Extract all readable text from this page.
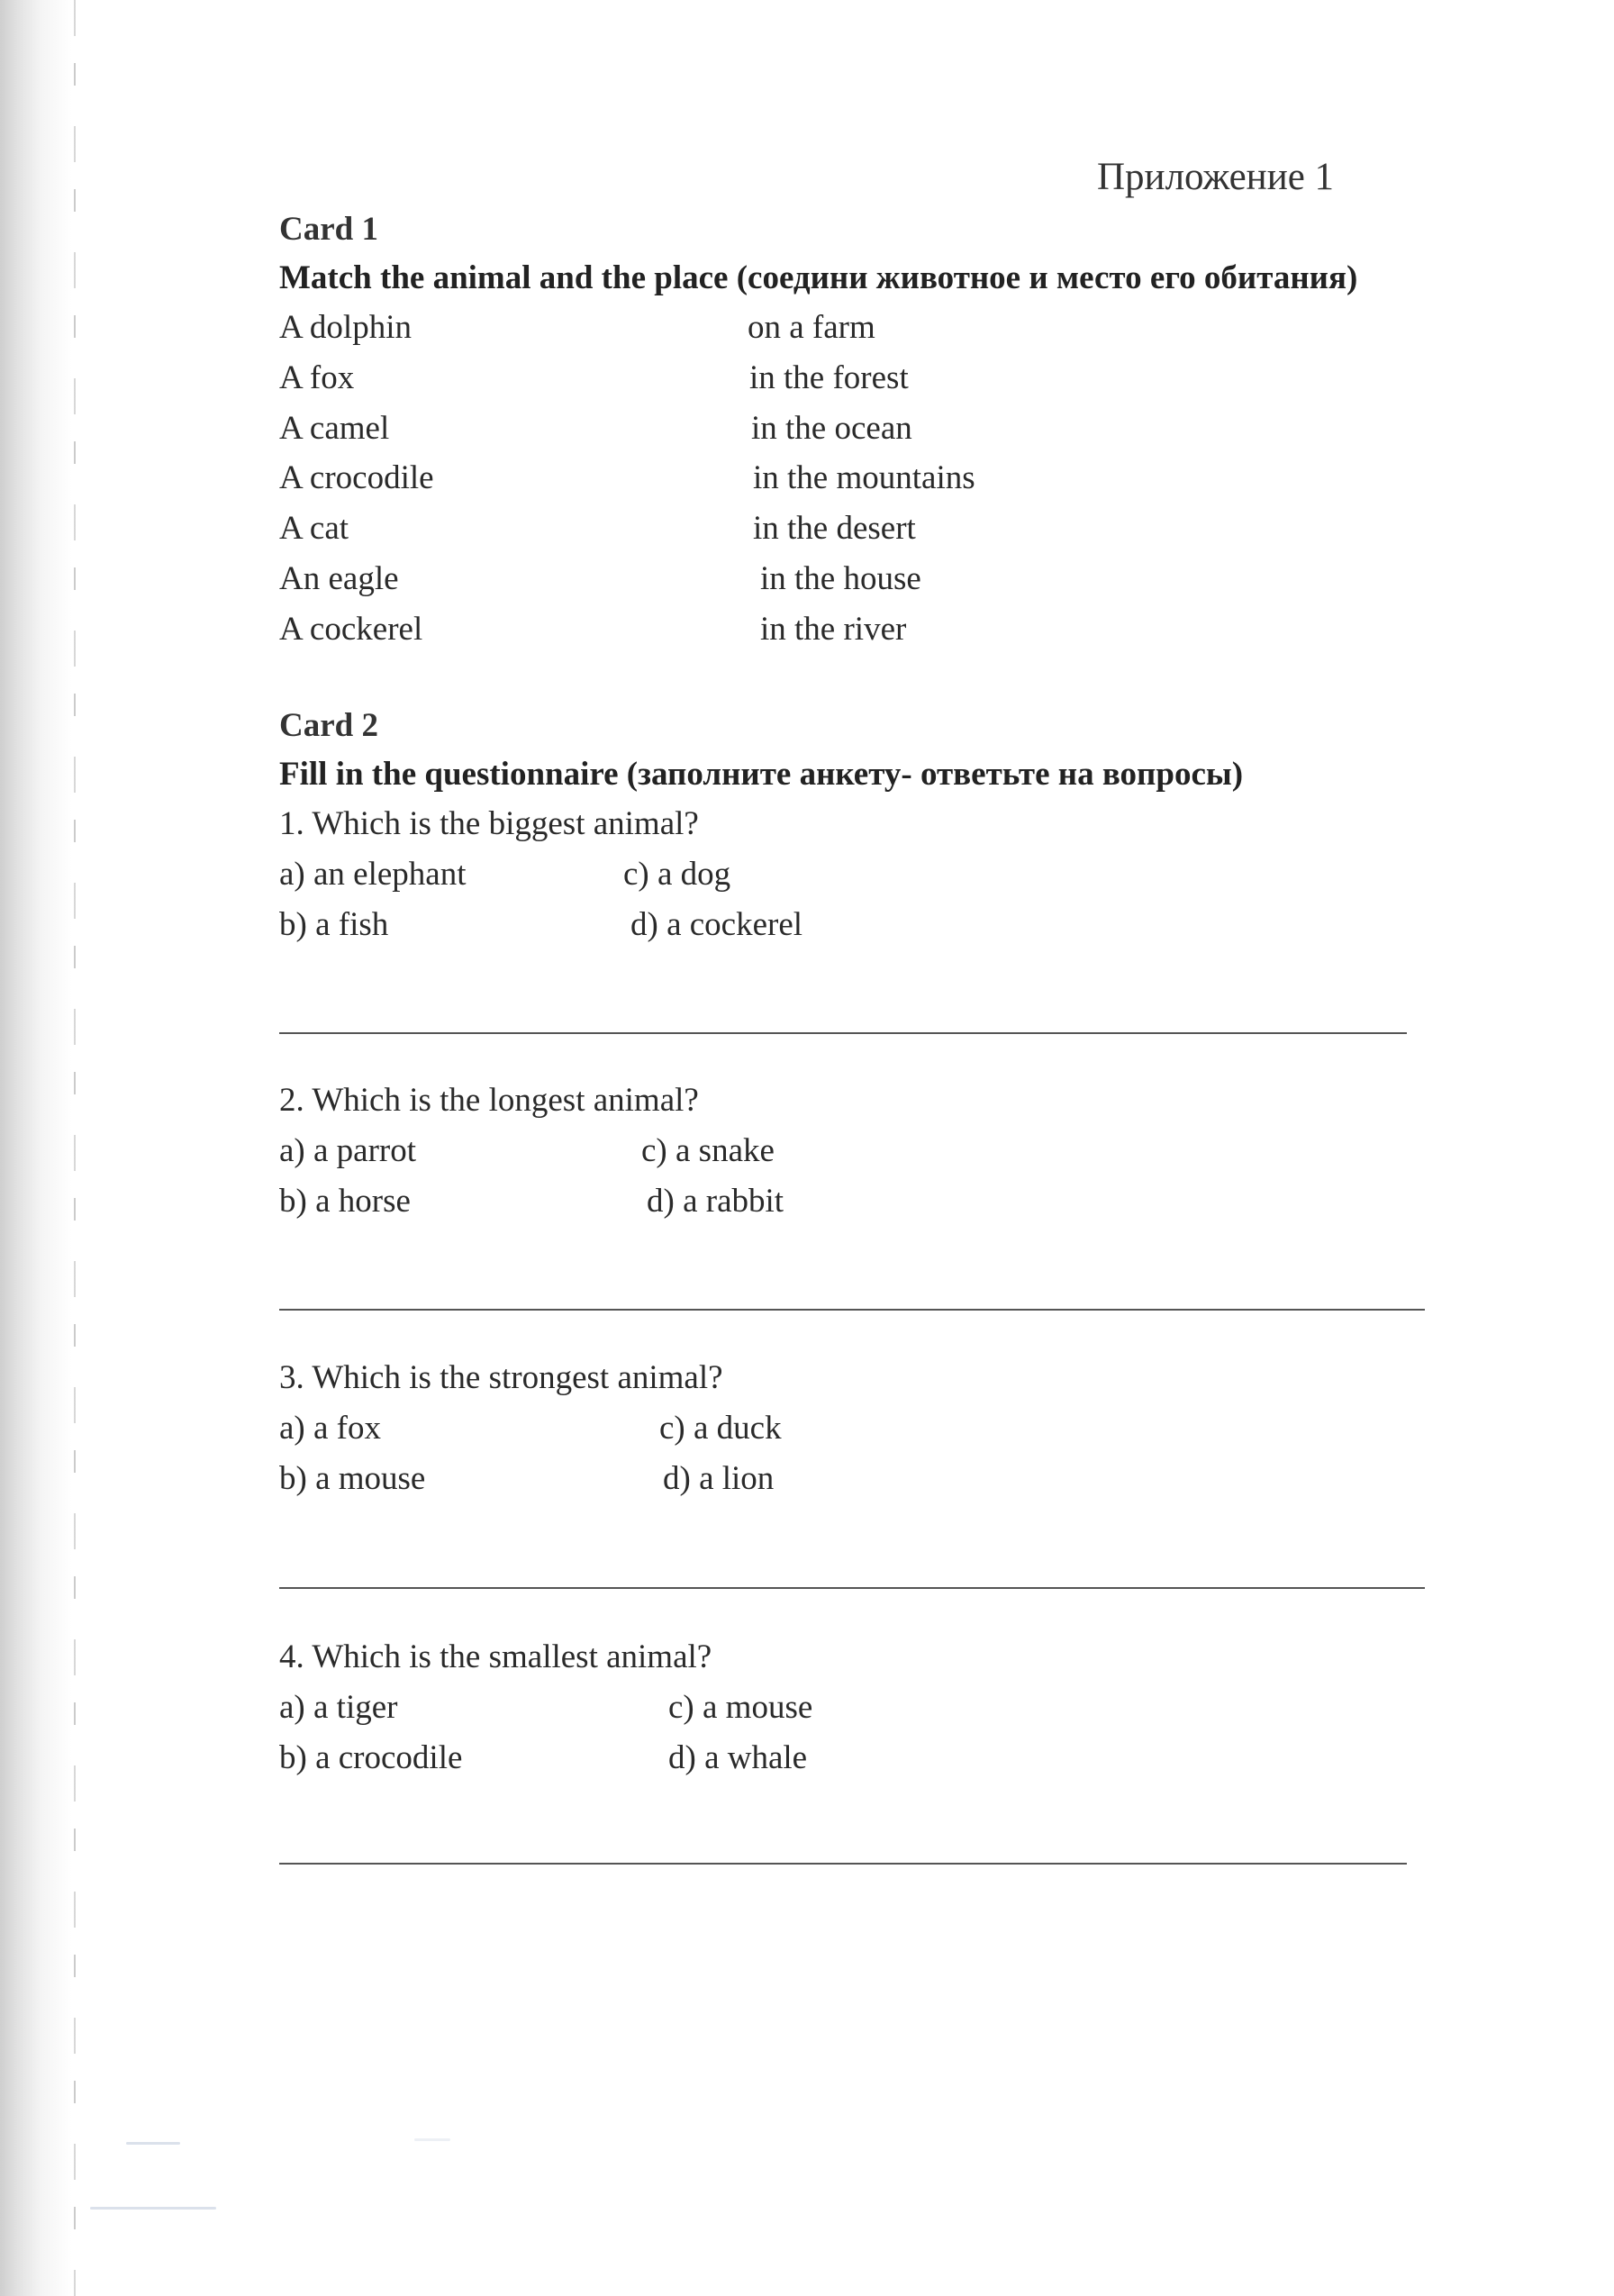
Приложение 1
Card 1
Match the animal and the place (соедини животное и место его обитания)
A dolphin	on a farm
A fox	in the forest
A camel	in the ocean
A crocodile	in the mountains
A cat	in the desert
An eagle	in the house
A cockerel	in the river
Card 2
Fill in the questionnaire (заполните анкету- ответьте на вопросы)
1. Which is the biggest animal?
a) an elephant	c) a dog
b) a fish	d) a cockerel
2. Which is the longest animal?
a) a parrot	c) a snake
b) a horse	d) a rabbit
3. Which is the strongest animal?
a) a fox	c) a duck
b) a mouse	d) a lion
4. Which is the smallest animal?
a) a tiger	c) a mouse
b) a crocodile	d) a whale
